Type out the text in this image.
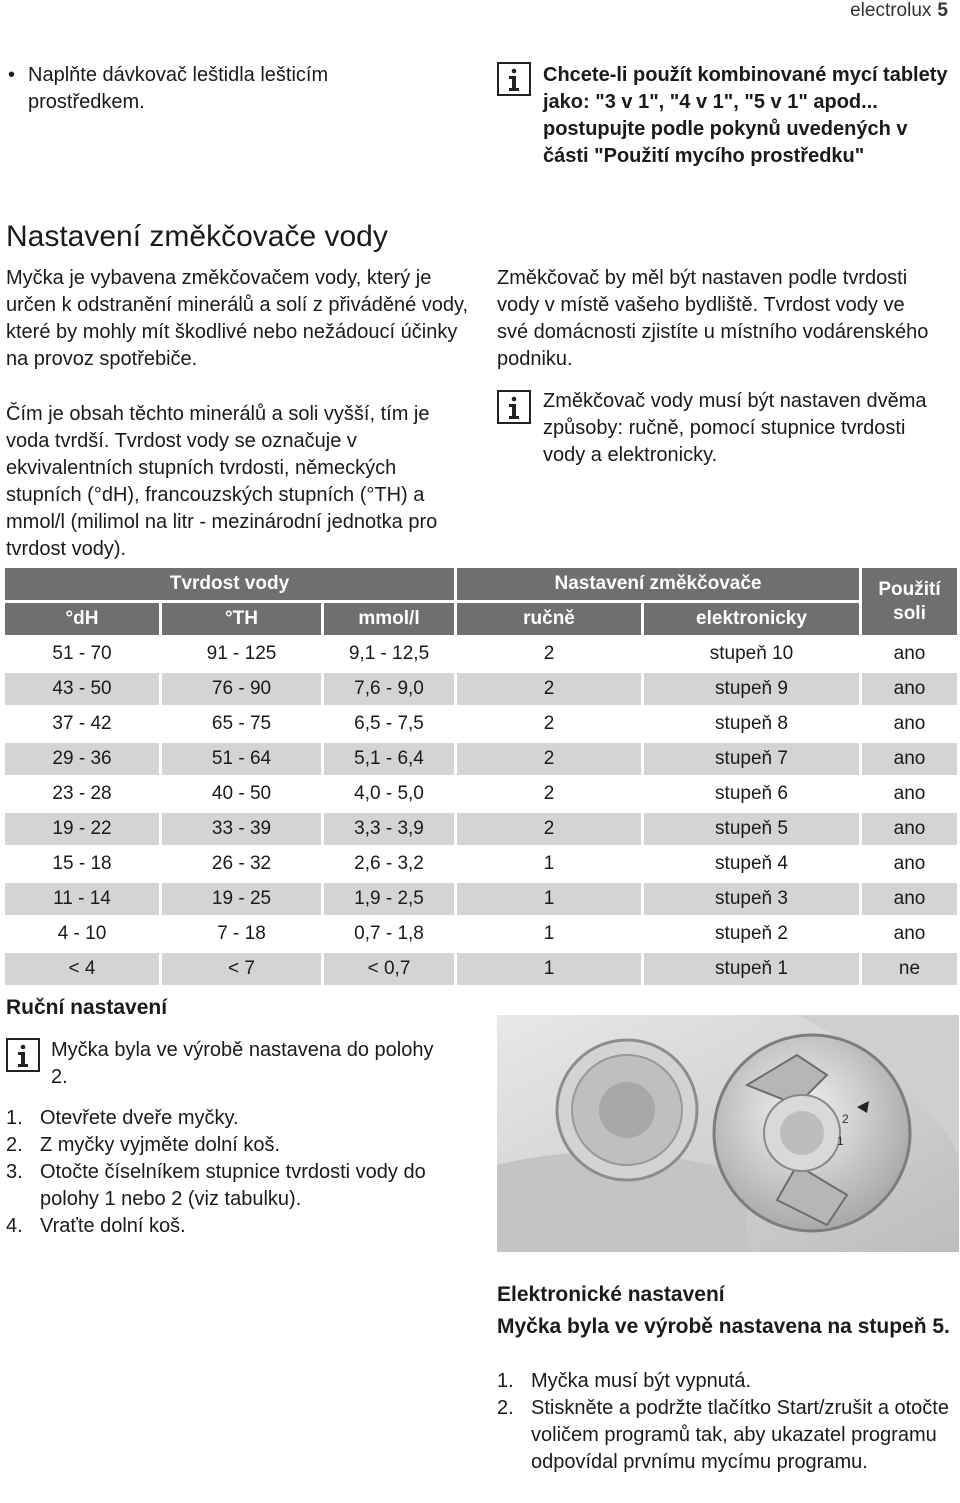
electrolux 5
• Naplňte dávkovač leštidla lešticím prostředkem.

Chcete-li použít kombinované mycí tablety jako: "3 v 1", "4 v 1", "5 v 1" apod... postupujte podle pokynů uvedených v části "Použití mycího prostředku"

Nastavení změkčovače vody

Myčka je vybavena změkčovačem vody, který je určen k odstranění minerálů a solí z přiváděné vody, které by mohly mít škodlivé nebo nežádoucí účinky na provoz spotřebiče.

Čím je obsah těchto minerálů a soli vyšší, tím je voda tvrdší. Tvrdost vody se označuje v ekvivalentních stupních tvrdosti, německých stupních (°dH), francouzských stupních (°TH) a mmol/l (milimol na litr - mezinárodní jednotka pro tvrdost vody).

Změkčovač by měl být nastaven podle tvrdosti vody v místě vašeho bydliště. Tvrdost vody ve své domácnosti zjistíte u místního vodárenského podniku.

Změkčovač vody musí být nastaven dvěma způsoby: ručně, pomocí stupnice tvrdosti vody a elektronicky.

Tvrdost vody			Nastavení změkčovače		Použití soli
°dH	°TH	mmol/l	ručně	elektronicky	
51 - 70	91 - 125	9,1 - 12,5	2	stupeň 10	ano
43 - 50	76 - 90	7,6 - 9,0	2	stupeň 9	ano
37 - 42	65 - 75	6,5 - 7,5	2	stupeň 8	ano
29 - 36	51 - 64	5,1 - 6,4	2	stupeň 7	ano
23 - 28	40 - 50	4,0 - 5,0	2	stupeň 6	ano
19 - 22	33 - 39	3,3 - 3,9	2	stupeň 5	ano
15 - 18	26 - 32	2,6 - 3,2	1	stupeň 4	ano
11 - 14	19 - 25	1,9 - 2,5	1	stupeň 3	ano
4 - 10	7 - 18	0,7 - 1,8	1	stupeň 2	ano
< 4	< 7	< 0,7	1	stupeň 1	ne
Ruční nastavení

Myčka byla ve výrobě nastavena do polohy 2.

1. Otevřete dveře myčky.
2. Z myčky vyjměte dolní koš.
3. Otočte číselníkem stupnice tvrdosti vody do polohy 1 nebo 2 (viz tabulku).
4. Vraťte dolní koš.
2
1
Elektronické nastavení

Myčka byla ve výrobě nastavena na stupeň 5.

1. Myčka musí být vypnutá.
2. Stiskněte a podržte tlačítko Start/zrušit a otočte voličem programů tak, aby ukazatel programu odpovídal prvnímu mycímu programu.
